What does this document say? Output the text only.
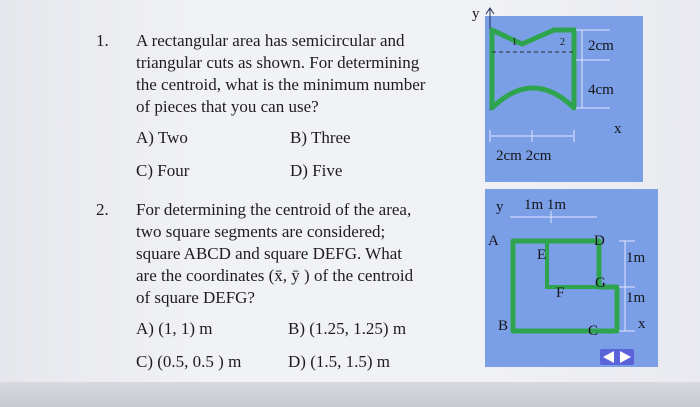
1. A rectangular area has semicircular and
triangular cuts as shown. For determining
the centroid, what is the minimum number
of pieces that you can use?
A) Two	B) Three
C) Four	D) Five
2. For determining the centroid of the area,
two square segments are considered;
square ABCD and square DEFG. What
are the coordinates (x̄, ȳ ) of the centroid
of square DEFG?
A) (1, 1) m	B) (1.25, 1.25) m
C) (0.5, 0.5 ) m	D) (1.5, 1.5) m
y
1	2 2cm
4cm
x
2cm 2cm
y 1m 1m
A	D
E	1m
G
F	1m
B	x
C
